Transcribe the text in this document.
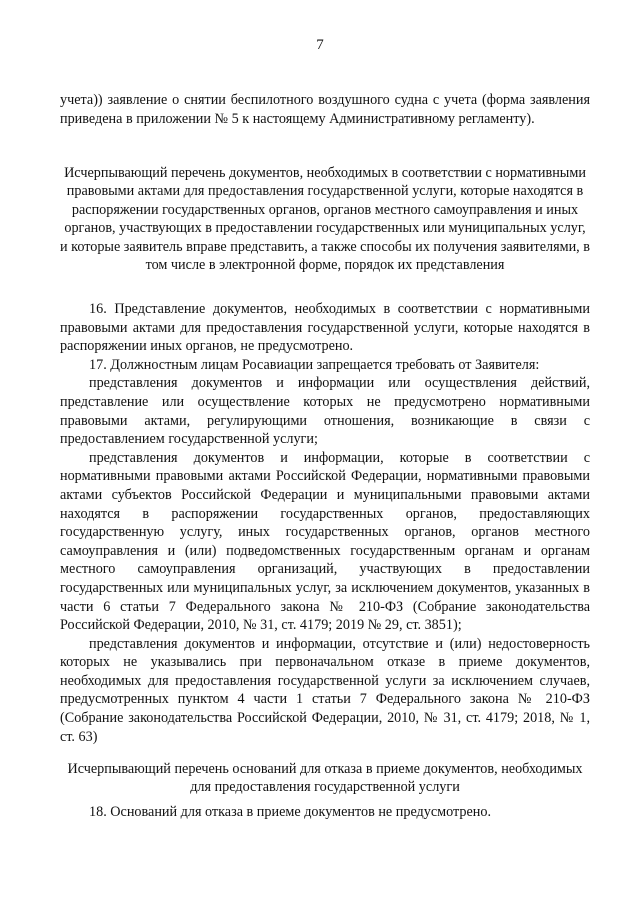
7

учета)) заявление о снятии беспилотного воздушного судна с учета (форма заявления приведена в приложении № 5 к настоящему Административному регламенту).

Исчерпывающий перечень документов, необходимых в соответствии с нормативными правовыми актами для предоставления государственной услуги, которые находятся в распоряжении государственных органов, органов местного самоуправления и иных органов, участвующих в предоставлении государственных или муниципальных услуг, и которые заявитель вправе представить, а также способы их получения заявителями, в том числе в электронной форме, порядок их представления

16. Представление документов, необходимых в соответствии с нормативными правовыми актами для предоставления государственной услуги, которые находятся в распоряжении иных органов, не предусмотрено.

17. Должностным лицам Росавиации запрещается требовать от Заявителя:

представления документов и информации или осуществления действий, представление или осуществление которых не предусмотрено нормативными правовыми актами, регулирующими отношения, возникающие в связи с предоставлением государственной услуги;

представления документов и информации, которые в соответствии с нормативными правовыми актами Российской Федерации, нормативными правовыми актами субъектов Российской Федерации и муниципальными правовыми актами находятся в распоряжении государственных органов, предоставляющих государственную услугу, иных государственных органов, органов местного самоуправления и (или) подведомственных государственным органам и органам местного самоуправления организаций, участвующих в предоставлении государственных или муниципальных услуг, за исключением документов, указанных в части 6 статьи 7 Федерального закона № 210-ФЗ (Собрание законодательства Российской Федерации, 2010, № 31, ст. 4179; 2019 № 29, ст. 3851);

представления документов и информации, отсутствие и (или) недостоверность которых не указывались при первоначальном отказе в приеме документов, необходимых для предоставления государственной услуги за исключением случаев, предусмотренных пунктом 4 части 1 статьи 7 Федерального закона № 210-ФЗ (Собрание законодательства Российской Федерации, 2010, № 31, ст. 4179; 2018, № 1, ст. 63)

Исчерпывающий перечень оснований для отказа в приеме документов, необходимых для предоставления государственной услуги

18. Оснований для отказа в приеме документов не предусмотрено.
